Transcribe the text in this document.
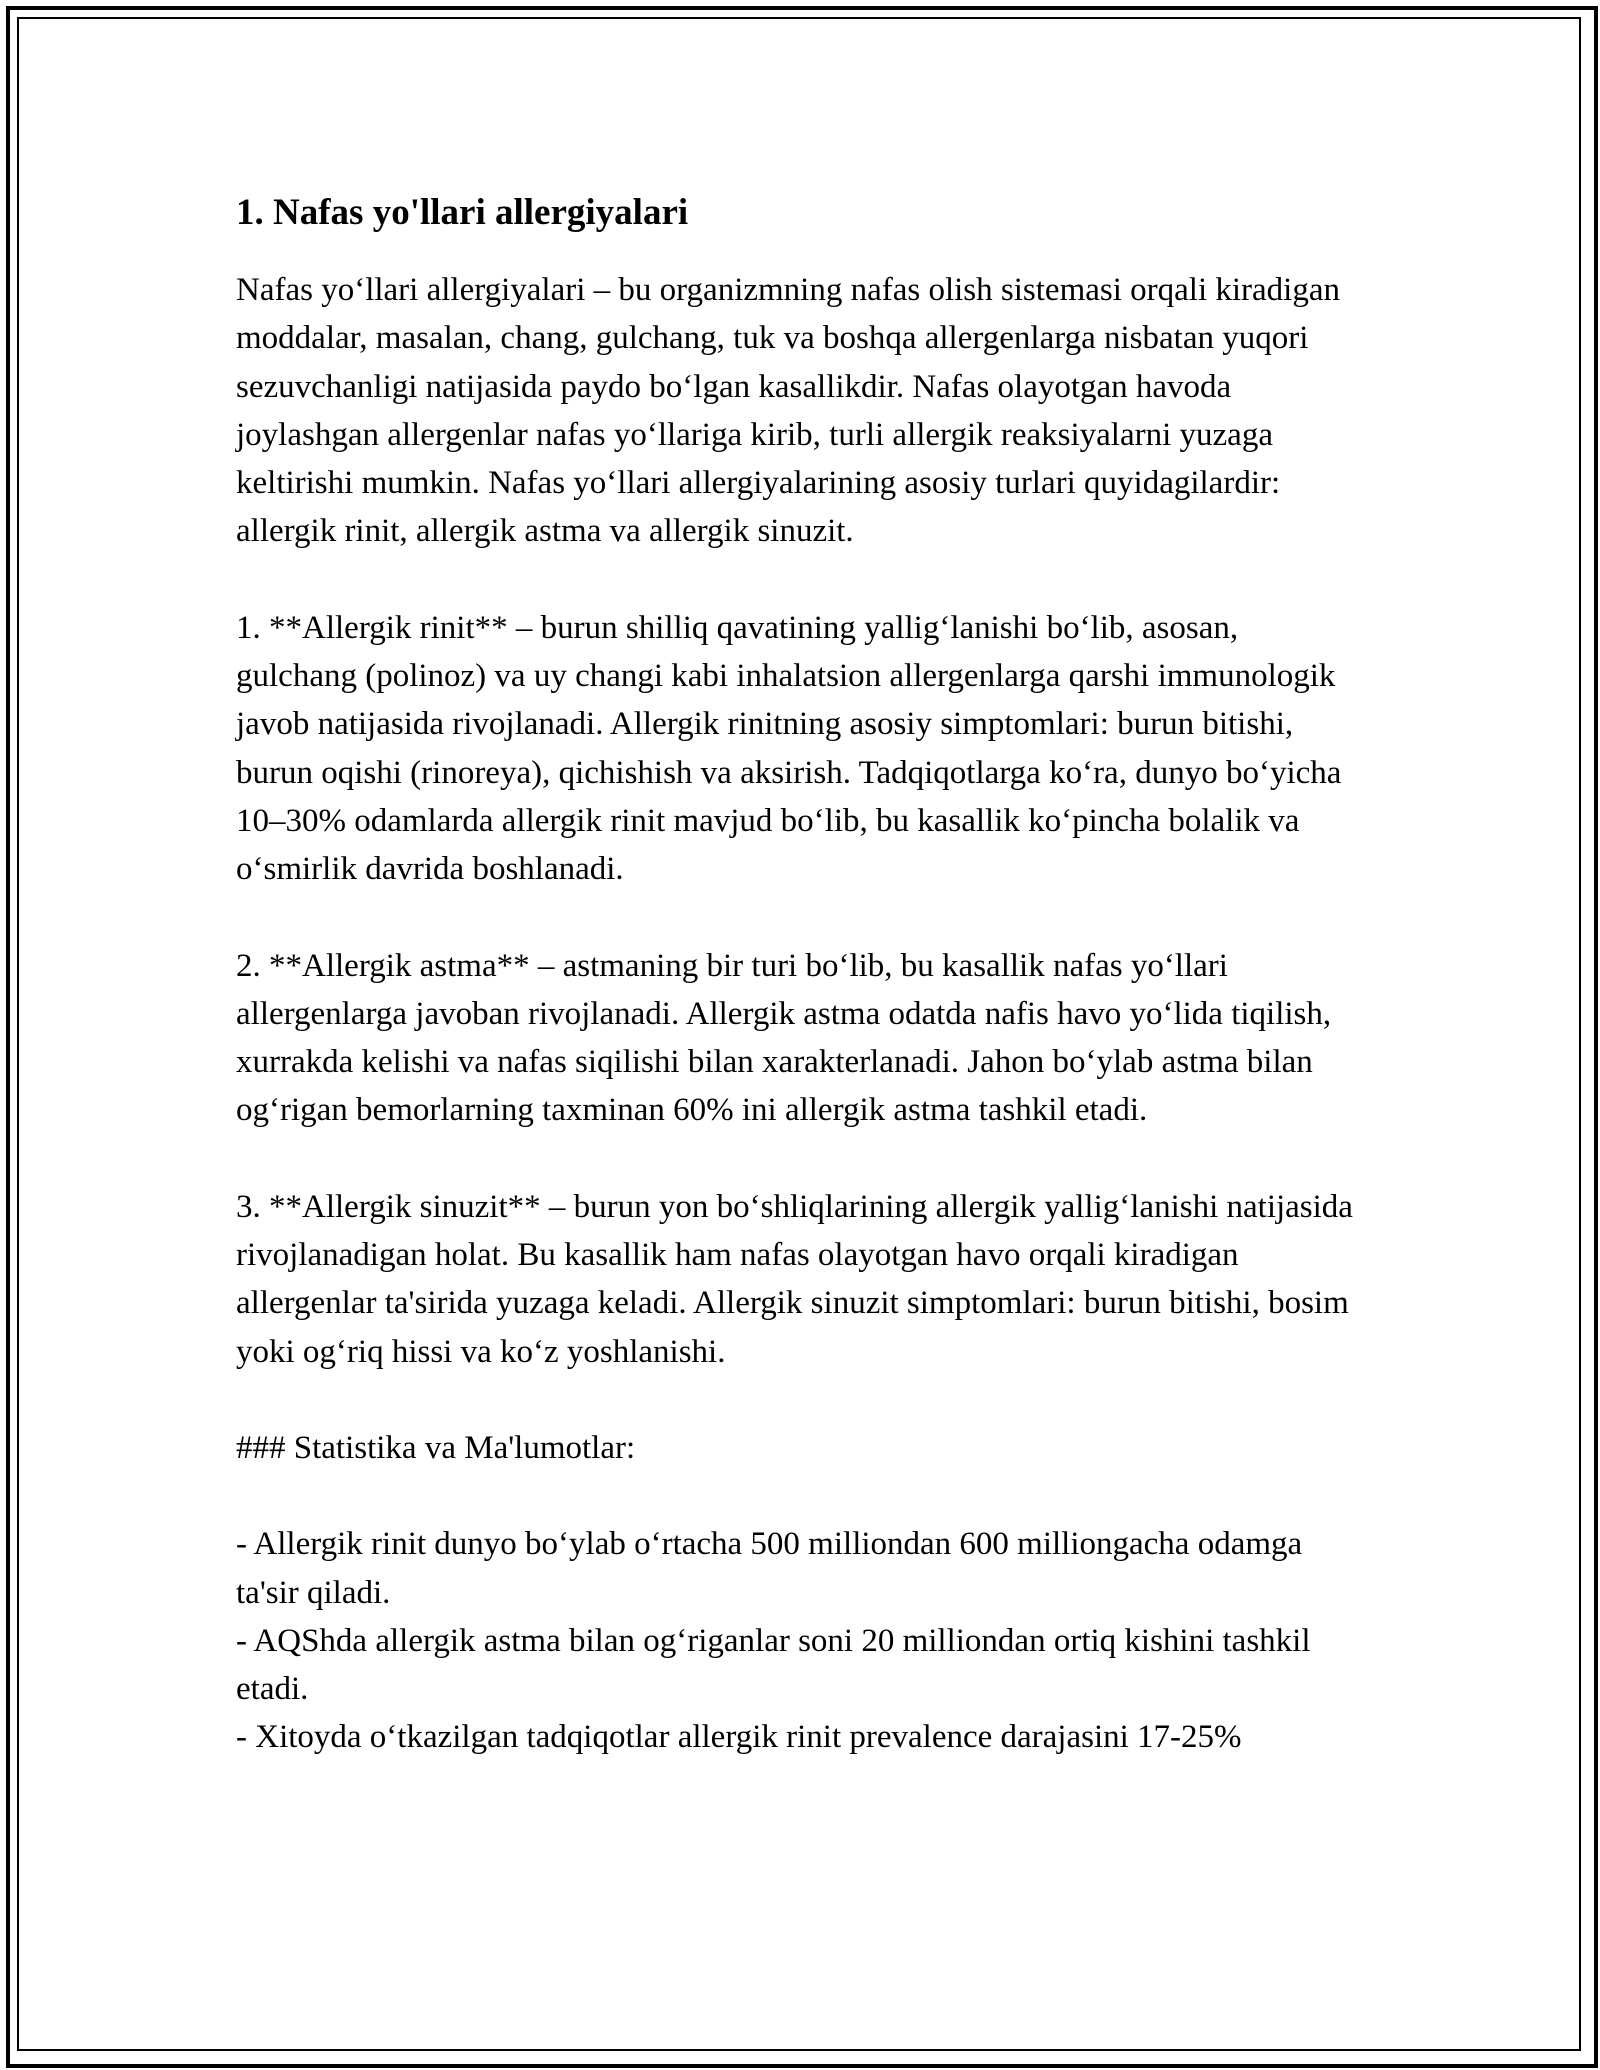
1. Nafas yo'llari allergiyalari

Nafas yo‘llari allergiyalari – bu organizmning nafas olish sistemasi orqali kiradigan moddalar, masalan, chang, gulchang, tuk va boshqa allergenlarga nisbatan yuqori sezuvchanligi natijasida paydo bo‘lgan kasallikdir. Nafas olayotgan havoda joylashgan allergenlar nafas yo‘llariga kirib, turli allergik reaksiyalarni yuzaga keltirishi mumkin. Nafas yo‘llari allergiyalarining asosiy turlari quyidagilardir: allergik rinit, allergik astma va allergik sinuzit.

1. **Allergik rinit** – burun shilliq qavatining yallig‘lanishi bo‘lib, asosan, gulchang (polinoz) va uy changi kabi inhalatsion allergenlarga qarshi immunologik javob natijasida rivojlanadi. Allergik rinitning asosiy simptomlari: burun bitishi, burun oqishi (rinoreya), qichishish va aksirish. Tadqiqotlarga ko‘ra, dunyo bo‘yicha 10–30% odamlarda allergik rinit mavjud bo‘lib, bu kasallik ko‘pincha bolalik va o‘smirlik davrida boshlanadi.

2. **Allergik astma** – astmaning bir turi bo‘lib, bu kasallik nafas yo‘llari allergenlarga javoban rivojlanadi. Allergik astma odatda nafis havo yo‘lida tiqilish, xurrakda kelishi va nafas siqilishi bilan xarakterlanadi. Jahon bo‘ylab astma bilan og‘rigan bemorlarning taxminan 60% ini allergik astma tashkil etadi.

3. **Allergik sinuzit** – burun yon bo‘shliqlarining allergik yallig‘lanishi natijasida rivojlanadigan holat. Bu kasallik ham nafas olayotgan havo orqali kiradigan allergenlar ta'sirida yuzaga keladi. Allergik sinuzit simptomlari: burun bitishi, bosim yoki og‘riq hissi va ko‘z yoshlanishi.

### Statistika va Ma'lumotlar:

- Allergik rinit dunyo bo‘ylab o‘rtacha 500 milliondan 600 milliongacha odamga ta'sir qiladi.

- AQShda allergik astma bilan og‘riganlar soni 20 milliondan ortiq kishini tashkil etadi.

- Xitoyda o‘tkazilgan tadqiqotlar allergik rinit prevalence darajasini 17-25%
